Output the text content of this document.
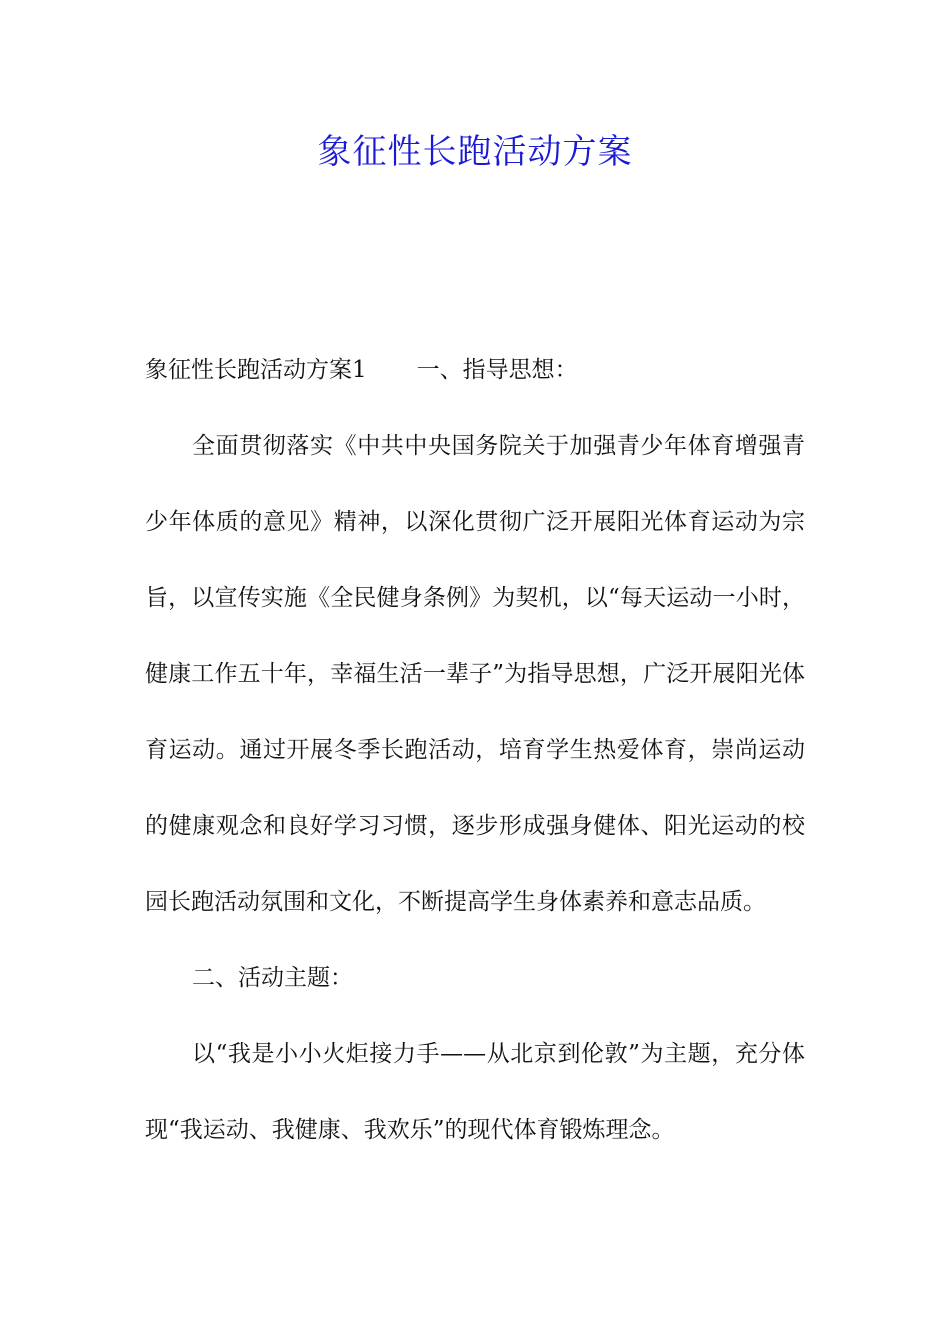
象征性长跑活动方案

象征性长跑活动方案1 一、指导思想：

全面贯彻落实《中共中央国务院关于加强青少年体育增强青少年体质的意见》精神，以深化贯彻广泛开展阳光体育运动为宗旨，以宣传实施《全民健身条例》为契机，以“每天运动一小时，健康工作五十年，幸福生活一辈子”为指导思想，广泛开展阳光体育运动。通过开展冬季长跑活动，培育学生热爱体育，崇尚运动的健康观念和良好学习习惯，逐步形成强身健体、阳光运动的校园长跑活动氛围和文化，不断提高学生身体素养和意志品质。

二、活动主题：

以“我是小小火炬接力手——从北京到伦敦”为主题，充分体现“我运动、我健康、我欢乐”的现代体育锻炼理念。
